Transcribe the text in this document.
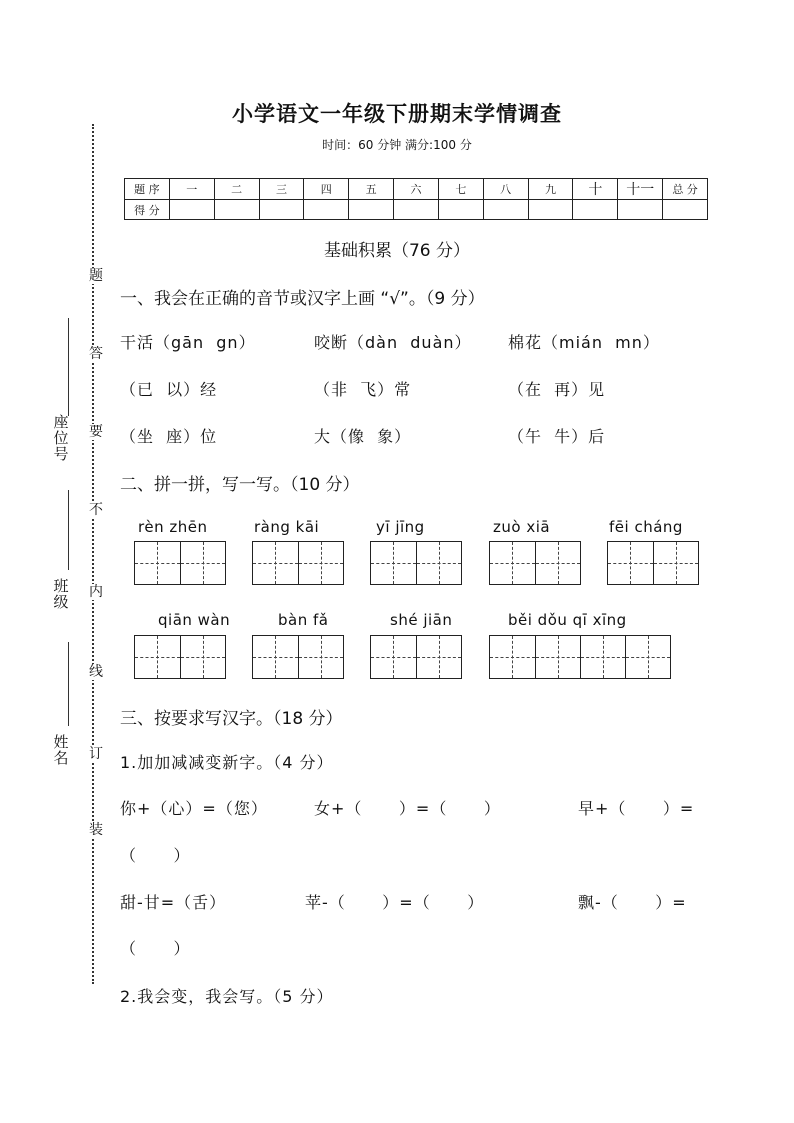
题
答
要
不
内
线
订
装
座位号
班级
姓名
小学语文一年级下册期末学情调查
时间：60 分钟 满分:100 分
题 序	一	二	三	四	五	六	七	八	九	十	十一	总 分
得 分												
基础积累（76 分）
一、我会在正确的音节或汉字上画 “√”。（9 分）
干活（gān  gn）	咬断（dàn  duàn） 棉花（mián  mn）
（已  以）经	（非  飞）常	（在  再）见
（坐  座）位	大（像  象）	（午  牛）后
二、拼一拼，写一写。（10 分）
rèn zhēn	ràng kāi	yī jīng	zuò xiā	fēi cháng
qiān wàn	bàn fǎ	shé jiān	běi dǒu qī xīng
三、按要求写汉字。（18 分）
1.加加减减变新字。（4 分）
你+（心）=（您）	女+（      ）=（      ）	早+（      ）=
（      ）
甜-甘=（舌）	苹-（      ）=（      ）	飘-（      ）=
（      ）
2.我会变，我会写。（5 分）
